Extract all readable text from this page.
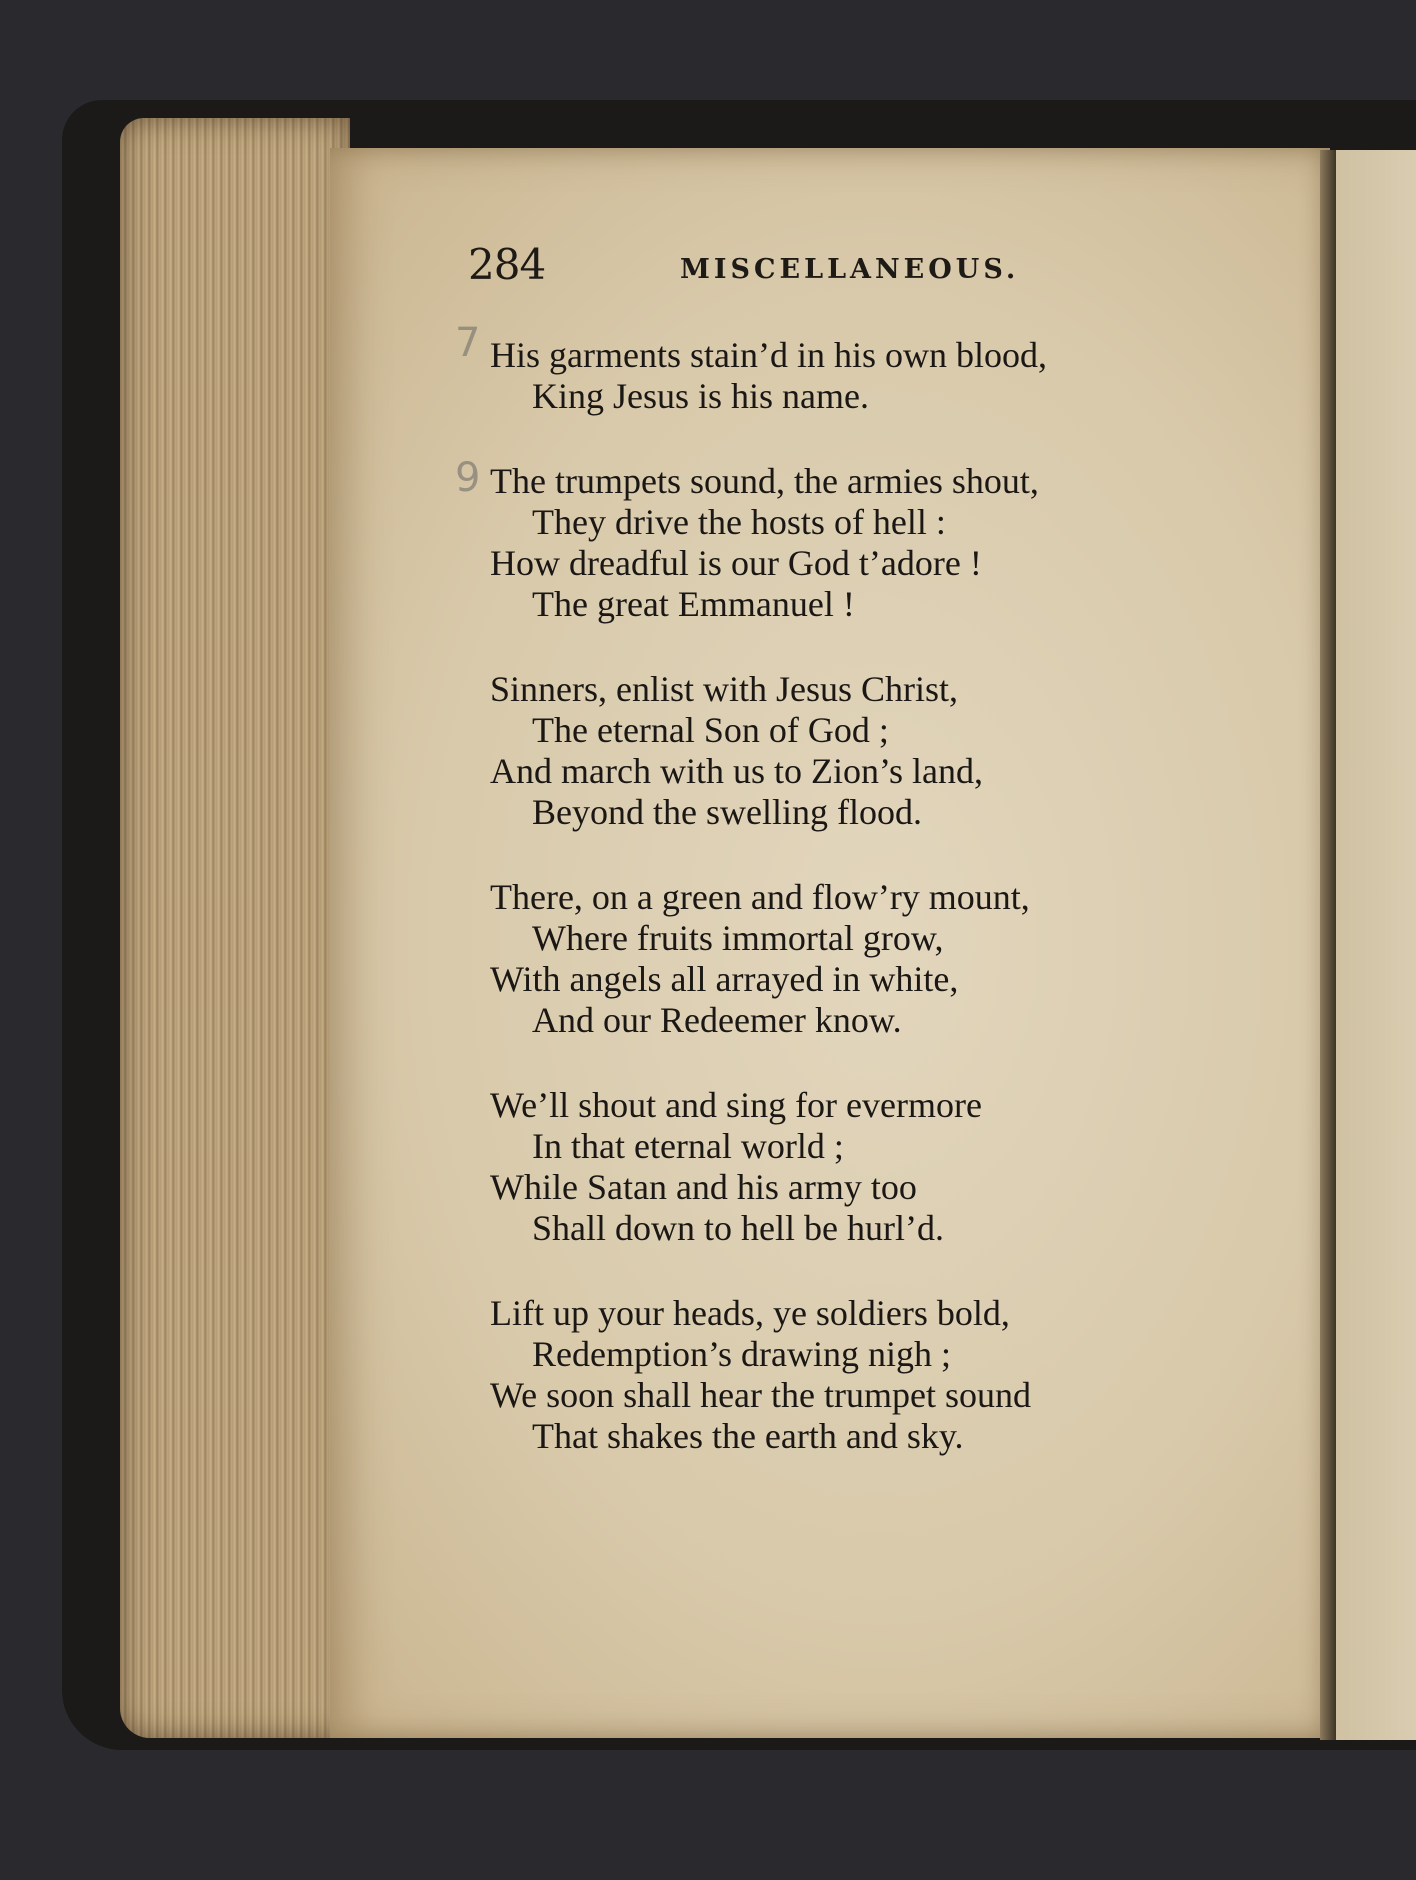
284	MISCELLANEOUS.
7
9
His garments stain’d in his own blood,
King Jesus is his name.
The trumpets sound, the armies shout,
They drive the hosts of hell :
How dreadful is our God t’adore !
The great Emmanuel !
Sinners, enlist with Jesus Christ,
The eternal Son of God ;
And march with us to Zion’s land,
Beyond the swelling flood.
There, on a green and flow’ry mount,
Where fruits immortal grow,
With angels all arrayed in white,
And our Redeemer know.
We’ll shout and sing for evermore
In that eternal world ;
While Satan and his army too
Shall down to hell be hurl’d.
Lift up your heads, ye soldiers bold,
Redemption’s drawing nigh ;
We soon shall hear the trumpet sound
That shakes the earth and sky.
